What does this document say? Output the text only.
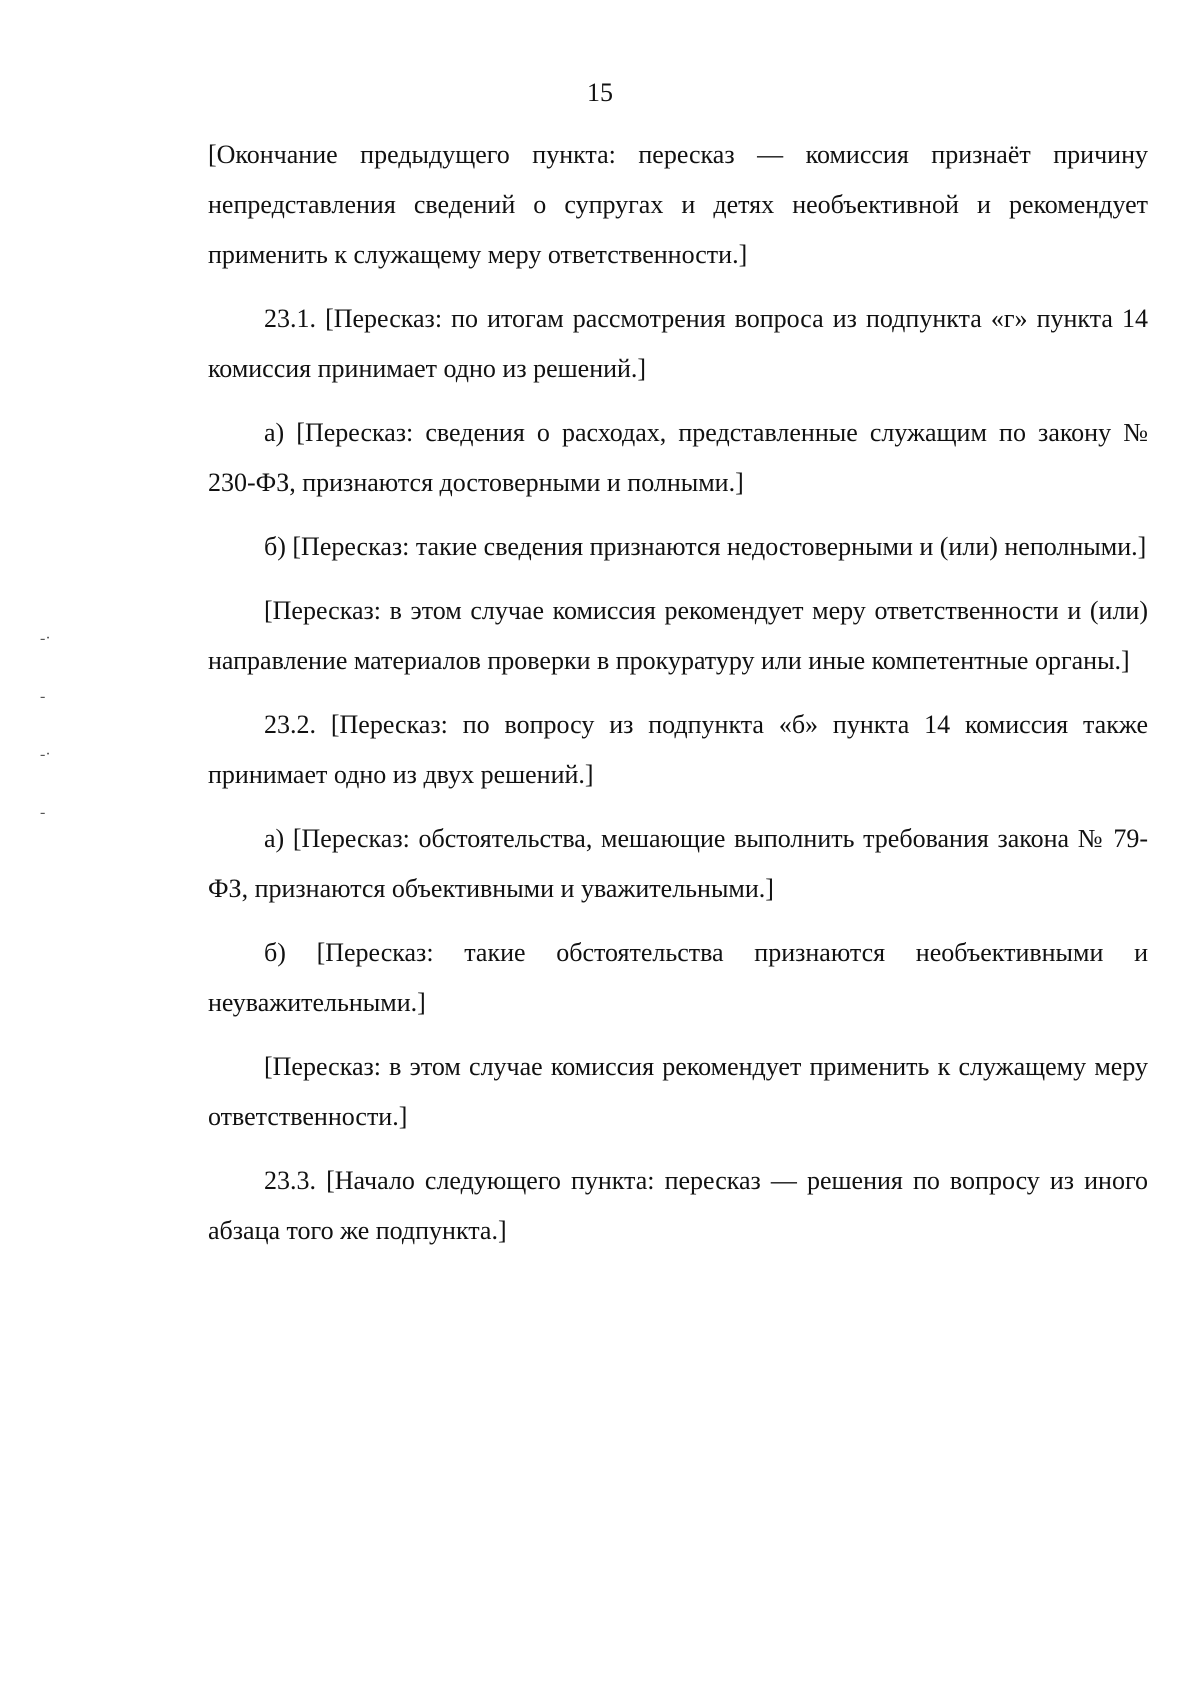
15
-·
-
-·
-

[Окончание предыдущего пункта: пересказ — комиссия признаёт причину непредставления сведений о супругах и детях необъективной и рекомендует применить к служащему меру ответственности.]

23.1. [Пересказ: по итогам рассмотрения вопроса из подпункта «г» пункта 14 комиссия принимает одно из решений.]

а) [Пересказ: сведения о расходах, представленные служащим по закону № 230-ФЗ, признаются достоверными и полными.]

б) [Пересказ: такие сведения признаются недостоверными и (или) неполными.]

[Пересказ: в этом случае комиссия рекомендует меру ответственности и (или) направление материалов проверки в прокуратуру или иные компетентные органы.]

23.2. [Пересказ: по вопросу из подпункта «б» пункта 14 комиссия также принимает одно из двух решений.]

а) [Пересказ: обстоятельства, мешающие выполнить требования закона № 79-ФЗ, признаются объективными и уважительными.]

б) [Пересказ: такие обстоятельства признаются необъективными и неуважительными.]

[Пересказ: в этом случае комиссия рекомендует применить к служащему меру ответственности.]

23.3. [Начало следующего пункта: пересказ — решения по вопросу из иного абзаца того же подпункта.]
